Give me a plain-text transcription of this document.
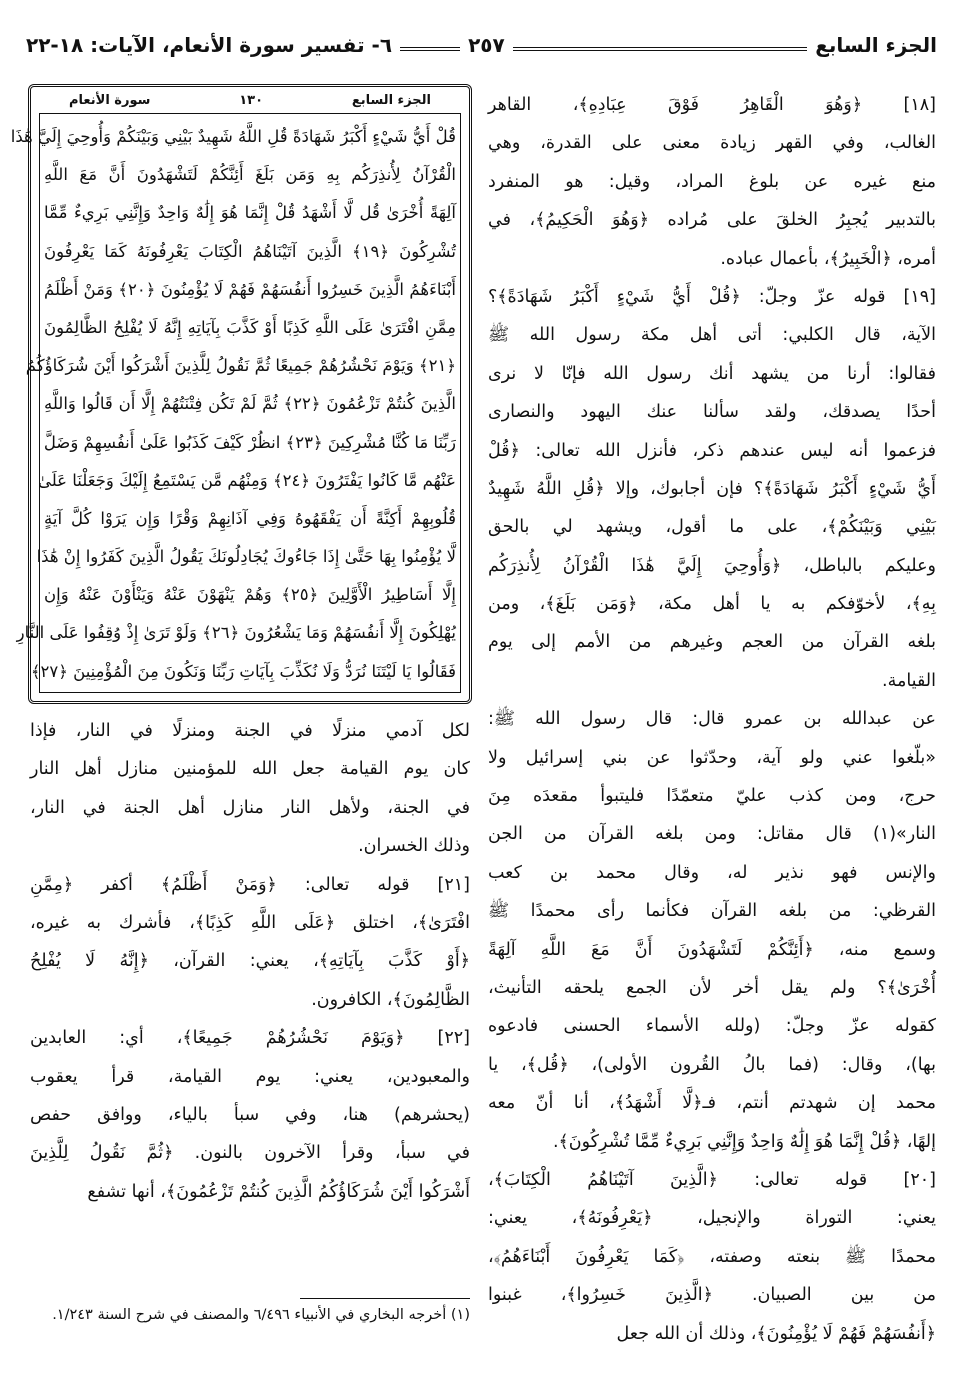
الجزء السابع
٢٥٧
٦- تفسير سورة الأنعام، الآيات: ١٨-٢٢
[١٨] ﴿وَهُوَ الْقَاهِرُ فَوْقَ عِبَادِهِ﴾، القاهر
الغالب، وفي القهر زيادة معنى على القدرة، وهي
منع غيره عن بلوغ المراد، وقيل: هو المنفرد
بالتدبير يُجبِرُ الخلقَ على مُراده ﴿وَهُوَ الْحَكِيمُ﴾، في
أمره، ﴿الْخَبِيرُ﴾، بأعمال عباده.
[١٩] قوله عزّ وجلّ: ﴿قُلْ أَيُّ شَيْءٍ أَكْبَرُ شَهَادَةً﴾؟
الآية، قال الكلبي: أتى أهل مكة رسول الله ﷺ
فقالوا: أرنا من يشهد أنك رسول الله فإنّا لا نرى
أحدًا يصدقك، ولقد سألنا عنك اليهود والنصارى
فزعموا أنه ليس عندهم ذكر، فأنزل الله تعالى: ﴿قُلْ
أَيُّ شَيْءٍ أَكْبَرُ شَهَادَةً﴾؟ فإن أجابوك، وإلا ﴿قُلِ اللَّهُ شَهِيدٌ
بَيْنِي وَبَيْنَكُمْ﴾، على ما أقول، ويشهد لي بالحق
وعليكم بالباطل، ﴿وَأُوحِيَ إِلَيَّ هَٰذَا الْقُرْآنُ لِأُنذِرَكُم
بِهِ﴾، لأخوّفكم به يا أهل مكة، ﴿وَمَن بَلَغَ﴾، ومن
بلغه القرآن من العجم وغيرهم من الأمم إلى يوم
القيامة.
عن عبدالله بن عمرو قال: قال رسول الله ﷺ:
«بلّغوا عني ولو آية، وحدّثوا عن بني إسرائيل ولا
حرج، ومن كذب عليّ متعمّدًا فليتبوأ مقعدَه مِنَ
النار»(١) قال مقاتل: ومن بلغه القرآن من الجن
والإنس فهو نذير له، وقال محمد بن كعب
القرظي: من بلغه القرآن فكأنما رأى محمدًا ﷺ
وسمع منه، ﴿أَئِنَّكُمْ لَتَشْهَدُونَ أَنَّ مَعَ اللَّهِ آلِهَةً
أُخْرَىٰ﴾؟ ولم يقل أخر لأن الجمع يلحقه التأنيث،
كقوله عزّ وجلّ: (ولله الأسماء الحسنى فادعوه
بها)، وقال: (فما بالُ القُرون الأولى)، ﴿قُل﴾، يا
محمد إن شهدتم أنتم، فـ﴿لَّا أَشْهَدُ﴾، أنا أنّ معه
إلهًا، ﴿قُلْ إِنَّمَا هُوَ إِلَٰهٌ وَاحِدٌ وَإِنَّنِي بَرِيءٌ مِّمَّا تُشْرِكُونَ﴾.
[٢٠] قوله تعالى: ﴿الَّذِينَ آتَيْنَاهُمُ الْكِتَابَ﴾،
يعني: التوراة والإنجيل، ﴿يَعْرِفُونَهُ﴾، يعني:
محمدًا ﷺ بنعته وصفته، ﴿كَمَا يَعْرِفُونَ أَبْنَاءَهُمُ﴾،
من بين الصبيان. ﴿الَّذِينَ خَسِرُوا﴾، غبنوا
﴿أَنفُسَهُمْ فَهُمْ لَا يُؤْمِنُونَ﴾، وذلك أن الله جعل
الجزء السابع
١٣٠
سورة الأنعام
قُلْ أَيُّ شَيْءٍ أَكْبَرُ شَهَادَةً قُلِ اللَّهُ شَهِيدٌ بَيْنِي وَبَيْنَكُمْ وَأُوحِيَ إِلَيَّ هَٰذَا
الْقُرْآنُ لِأُنذِرَكُم بِهِ وَمَن بَلَغَ أَئِنَّكُمْ لَتَشْهَدُونَ أَنَّ مَعَ اللَّهِ
آلِهَةً أُخْرَىٰ قُل لَّا أَشْهَدُ قُلْ إِنَّمَا هُوَ إِلَٰهٌ وَاحِدٌ وَإِنَّنِي بَرِيءٌ مِّمَّا
تُشْرِكُونَ ﴿١٩﴾ الَّذِينَ آتَيْنَاهُمُ الْكِتَابَ يَعْرِفُونَهُ كَمَا يَعْرِفُونَ
أَبْنَاءَهُمُ الَّذِينَ خَسِرُوا أَنفُسَهُمْ فَهُمْ لَا يُؤْمِنُونَ ﴿٢٠﴾ وَمَنْ أَظْلَمُ
مِمَّنِ افْتَرَىٰ عَلَى اللَّهِ كَذِبًا أَوْ كَذَّبَ بِآيَاتِهِ إِنَّهُ لَا يُفْلِحُ الظَّالِمُونَ
﴿٢١﴾ وَيَوْمَ نَحْشُرُهُمْ جَمِيعًا ثُمَّ نَقُولُ لِلَّذِينَ أَشْرَكُوا أَيْنَ شُرَكَاؤُكُمُ
الَّذِينَ كُنتُمْ تَزْعُمُونَ ﴿٢٢﴾ ثُمَّ لَمْ تَكُن فِتْنَتُهُمْ إِلَّا أَن قَالُوا وَاللَّهِ
رَبِّنَا مَا كُنَّا مُشْرِكِينَ ﴿٢٣﴾ انظُرْ كَيْفَ كَذَبُوا عَلَىٰ أَنفُسِهِمْ وَضَلَّ
عَنْهُم مَّا كَانُوا يَفْتَرُونَ ﴿٢٤﴾ وَمِنْهُم مَّن يَسْتَمِعُ إِلَيْكَ وَجَعَلْنَا عَلَىٰ
قُلُوبِهِمْ أَكِنَّةً أَن يَفْقَهُوهُ وَفِي آذَانِهِمْ وَقْرًا وَإِن يَرَوْا كُلَّ آيَةٍ
لَّا يُؤْمِنُوا بِهَا حَتَّىٰ إِذَا جَاءُوكَ يُجَادِلُونَكَ يَقُولُ الَّذِينَ كَفَرُوا إِنْ هَٰذَا
إِلَّا أَسَاطِيرُ الْأَوَّلِينَ ﴿٢٥﴾ وَهُمْ يَنْهَوْنَ عَنْهُ وَيَنْأَوْنَ عَنْهُ وَإِن
يُهْلِكُونَ إِلَّا أَنفُسَهُمْ وَمَا يَشْعُرُونَ ﴿٢٦﴾ وَلَوْ تَرَىٰ إِذْ وُقِفُوا عَلَى النَّارِ
فَقَالُوا يَا لَيْتَنَا نُرَدُّ وَلَا نُكَذِّبَ بِآيَاتِ رَبِّنَا وَنَكُونَ مِنَ الْمُؤْمِنِينَ ﴿٢٧﴾
لكل آدمي منزلًا في الجنة ومنزلًا في النار، فإذا
كان يوم القيامة جعل الله للمؤمنين منازل أهل النار
في الجنة، ولأهل النار منازل أهل الجنة في النار،
وذلك الخسران.
[٢١] قوله تعالى: ﴿وَمَنْ أَظْلَمُ﴾ أكفر ﴿مِمَّنِ
افْتَرَىٰ﴾، اختلق ﴿عَلَى اللَّهِ كَذِبًا﴾، فأشرك به غيره،
﴿أَوْ كَذَّبَ بِآيَاتِهِ﴾، يعني: القرآن، ﴿إِنَّهُ لَا يُفْلِحُ
الظَّالِمُونَ﴾، الكافرون.
[٢٢] ﴿وَيَوْمَ نَحْشُرُهُمْ جَمِيعًا﴾، أي: العابدين
والمعبودين، يعني: يوم القيامة، قرأ يعقوب
(يحشرهم) هنا، وفي سبأ بالياء، ووافق حفص
في سبأ، وقرأ الآخرون بالنون. ﴿ثُمَّ نَقُولُ لِلَّذِينَ
أَشْرَكُوا أَيْنَ شُرَكَاؤُكُمُ الَّذِينَ كُنتُمْ تَزْعُمُونَ﴾، أنها تشفع
(١) أخرجه البخاري في الأنبياء ٦/٤٩٦ والمصنف في شرح السنة ١/٢٤٣.
